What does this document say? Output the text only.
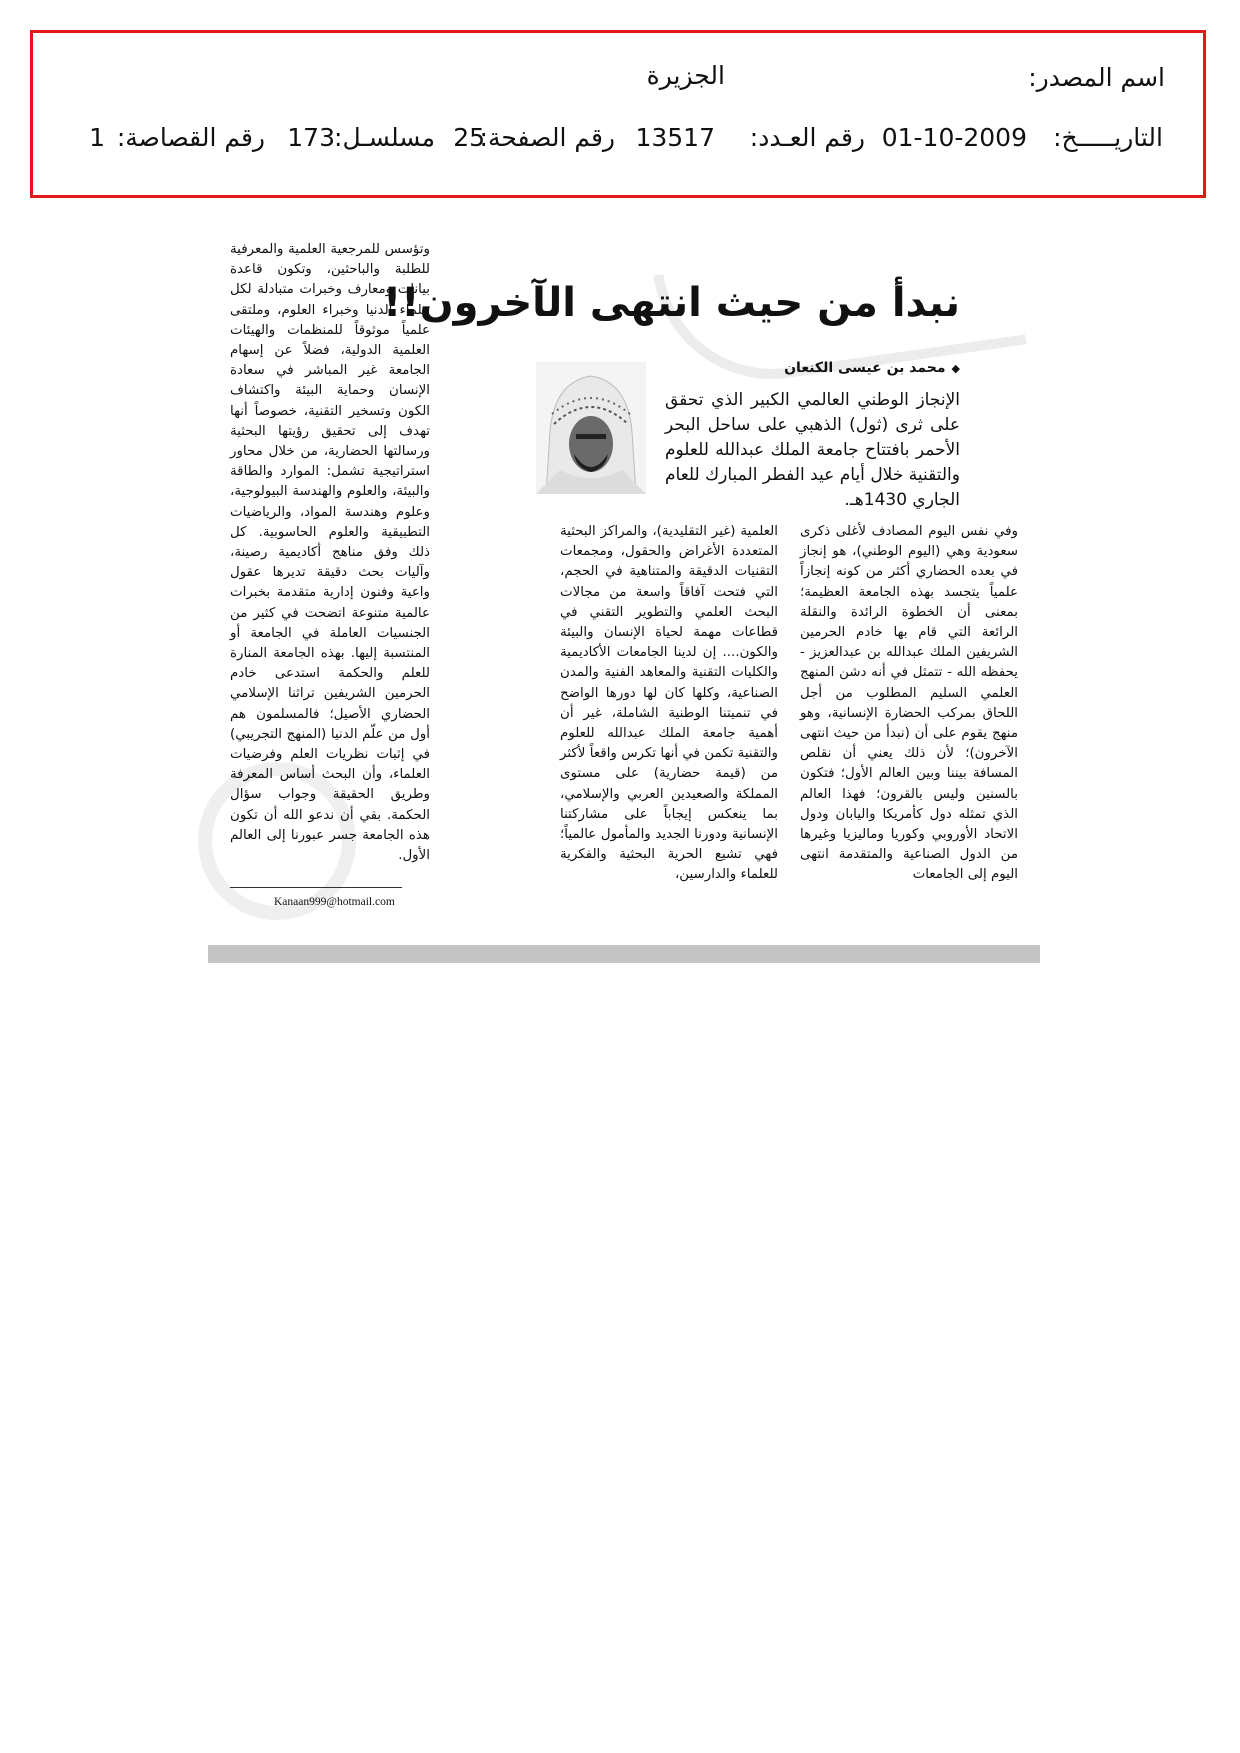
اسم المصدر:
الجزيرة
التاريـــــخ:
01-10-2009
رقم العـدد:
13517
رقم الصفحة:
25
مسلسـل:
173
رقم القصاصة:
1
نبدأ من حيث انتهى الآخرون!!
◆محمد بن عيسى الكنعان
الإنجاز الوطني العالمي الكبير الذي تحقق على ثرى (ثول) الذهبي على ساحل البحر الأحمر بافتتاح جامعة الملك عبدالله للعلوم والتقنية خلال أيام عيد الفطر المبارك للعام الجاري 1430هـ.
وفي نفس اليوم المصادف لأغلى ذكرى سعودية وهي (اليوم الوطني)، هو إنجاز في بعده الحضاري أكثر من كونه إنجازاً علمياً يتجسد بهذه الجامعة العظيمة؛ بمعنى أن الخطوة الرائدة والنقلة الرائعة التي قام بها خادم الحرمين الشريفين الملك عبدالله بن عبدالعزيز - يحفظه الله - تتمثل في أنه دشن المنهج العلمي السليم المطلوب من أجل اللحاق بمركب الحضارة الإنسانية، وهو منهج يقوم على أن (نبدأ من حيث انتهى الآخرون)؛ لأن ذلك يعني أن نقلص المسافة بيننا وبين العالم الأول؛ فتكون بالسنين وليس بالقرون؛ فهذا العالم الذي تمثله دول كأمريكا واليابان ودول الاتحاد الأوروبي وكوريا وماليزيا وغيرها من الدول الصناعية والمتقدمة انتهى اليوم إلى الجامعات
العلمية (غير التقليدية)، والمراكز البحثية المتعددة الأغراض والحقول، ومجمعات التقنيات الدقيقة والمتناهية في الحجم، التي فتحت آفاقاً واسعة من مجالات البحث العلمي والتطوير التقني في قطاعات مهمة لحياة الإنسان والبيئة والكون.... إن لدينا الجامعات الأكاديمية والكليات التقنية والمعاهد الفنية والمدن الصناعية، وكلها كان لها دورها الواضح في تنميتنا الوطنية الشاملة، غير أن أهمية جامعة الملك عبدالله للعلوم والتقنية تكمن في أنها تكرس واقعاً لأكثر من (قيمة حضارية) على مستوى المملكة والصعيدين العربي والإسلامي، بما ينعكس إيجاباً على مشاركتنا الإنسانية ودورنا الجديد والمأمول عالمياً؛ فهي تشيع الحرية البحثية والفكرية للعلماء والدارسين،
وتؤسس للمرجعية العلمية والمعرفية للطلبة والباحثين، وتكون قاعدة بيانات ومعارف وخبرات متبادلة لكل علماء الدنيا وخبراء العلوم، وملتقى علمياً موثوقاً للمنظمات والهيئات العلمية الدولية، فضلاً عن إسهام الجامعة غير المباشر في سعادة الإنسان وحماية البيئة واكتشاف الكون وتسخير التقنية، خصوصاً أنها تهدف إلى تحقيق رؤيتها البحثية ورسالتها الحضارية، من خلال محاور استراتيجية تشمل: الموارد والطاقة والبيئة، والعلوم والهندسة البيولوجية، وعلوم وهندسة المواد، والرياضيات التطبيقية والعلوم الحاسوبية. كل ذلك وفق مناهج أكاديمية رصينة، وآليات بحث دقيقة تديرها عقول واعية وفنون إدارية متقدمة بخبرات عالمية متنوعة اتضحت في كثير من الجنسيات العاملة في الجامعة أو المنتسبة إليها. بهذه الجامعة المنارة للعلم والحكمة استدعى خادم الحرمين الشريفين تراثنا الإسلامي الحضاري الأصيل؛ فالمسلمون هم أول من علّم الدنيا (المنهج التجريبي) في إثبات نظريات العلم وفرضيات العلماء، وأن البحث أساس المعرفة وطريق الحقيقة وجواب سؤال الحكمة. بقي أن ندعو الله أن تكون هذه الجامعة جسر عبورنا إلى العالم الأول.
Kanaan999@hotmail.com
